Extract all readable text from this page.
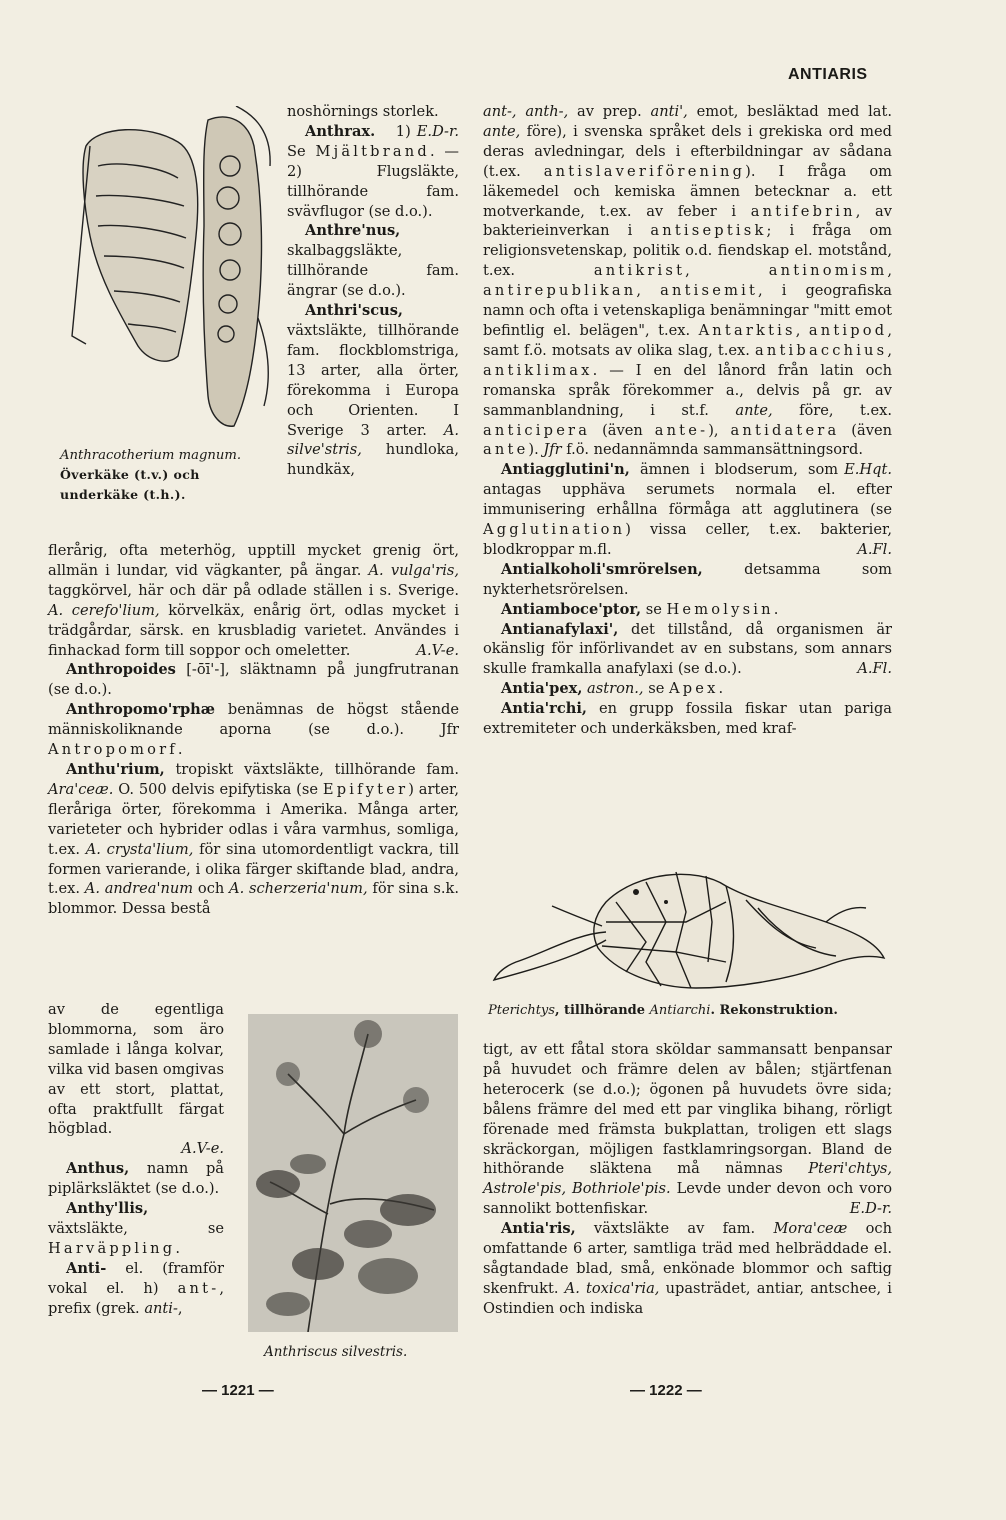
ANTIARIS
Anthracotherium magnum. Överkäke (t.v.) och underkäke (t.h.).

noshörnings storlek.
E.D-r.

Anthrax. 1) Se Mjältbrand. — 2) Flugsläkte, tillhörande fam. svävflugor (se d.o.).

Anthre'nus, skalbaggsläkte, tillhörande fam. ängrar (se d.o.).

Anthri'scus, växtsläkte, tillhörande fam. flockblomstriga, 13 arter, alla örter, förekomma i Europa och Orienten. I Sverige 3 arter. A. silve'stris, hundloka, hundkäx,

flerårig, ofta meterhög, upptill mycket grenig ört, allmän i lundar, vid vägkanter, på ängar. A. vulga'ris, taggkörvel, här och där på odlade ställen i s. Sverige. A. cerefo'lium, körvelkäx, enårig ört, odlas mycket i trädgårdar, särsk. en krusbladig varietet. Användes i finhackad form till soppor och omeletter.	A.V-e.

Anthropoides [-ōī'-], släktnamn på jungfrutranan (se d.o.).

Anthropomo'rphæ benämnas de högst stående människoliknande aporna (se d.o.). Jfr Antropomorf.

Anthu'rium, tropiskt växtsläkte, tillhörande fam. Ara'ceæ. O. 500 delvis epifytiska (se Epifyter) arter, fleråriga örter, förekomma i Amerika. Många arter, varieteter och hybrider odlas i våra varmhus, somliga, t.ex. A. crysta'lium, för sina utomordentligt vackra, till formen varierande, i olika färger skiftande blad, andra, t.ex. A. andrea'num och A. scherzeria'num, för sina s.k. blommor. Dessa bestå

av de egentliga blommorna, som äro samlade i långa kolvar, vilka vid basen omgivas av ett stort, plattat, ofta praktfullt färgat högblad.

A.V-e.

Anthus, namn på piplärksläktet (se d.o.).

Anthy'llis, växtsläkte, se Harväppling.

Anti- el. (framför vokal el. h) ant-, prefix (grek. anti-,

Anthriscus silvestris.
— 1221 —

ant-, anth-, av prep. anti', emot, besläktad med lat. ante, före), i svenska språket dels i grekiska ord med deras avledningar, dels i efterbildningar av sådana (t.ex. antislaveriförening). I fråga om läkemedel och kemiska ämnen betecknar a. ett motverkande, t.ex. av feber i antifebrin, av bakterieinverkan i antiseptisk; i fråga om religionsvetenskap, politik o.d. fiendskap el. motstånd, t.ex. antikrist, antinomism, antirepublikan, antisemit, i geografiska namn och ofta i vetenskapliga benämningar "mitt emot befintlig el. belägen", t.ex. Antarktis, antipod, samt f.ö. motsats av olika slag, t.ex. antibacchius, antiklimax. — I en del lånord från latin och romanska språk förekommer a., delvis på gr. av sammanblandning, i st.f. ante, före, t.ex. anticipera (även ante-), antidatera (även ante). Jfr f.ö. nedannämnda sammansättningsord.
E.Hqt.

Antiagglutini'n, ämnen i blodserum, som antagas upphäva serumets normala el. efter immunisering erhållna förmåga att agglutinera (se Agglutination) vissa celler, t.ex. bakterier, blodkroppar m.fl.	A.Fl.

Antialkoholi'smrörelsen, detsamma som nykterhetsrörelsen.

Antiamboce'ptor, se Hemolysin.

Antianafylaxi', det tillstånd, då organismen är okänslig för införlivandet av en substans, som annars skulle framkalla anafylaxi (se d.o.).	A.Fl.

Antia'pex, astron., se Apex.

Antia'rchi, en grupp fossila fiskar utan pariga extremiteter och underkäksben, med kraf-

Pterichtys, tillhörande Antiarchi. Rekonstruktion.

tigt, av ett fåtal stora sköldar sammansatt benpansar på huvudet och främre delen av bålen; stjärtfenan heterocerk (se d.o.); ögonen på huvudets övre sida; bålens främre del med ett par vinglika bihang, rörligt förenade med främsta bukplattan, troligen ett slags skräckorgan, möjligen fastklamringsorgan. Bland de hithörande släktena må nämnas Pteri'chtys, Astrole'pis, Bothriole'pis. Levde under devon och voro sannolikt bottenfiskar.	E.D-r.

Antia'ris, växtsläkte av fam. Mora'ceæ och omfattande 6 arter, samtliga träd med helbräddade el. sågtandade blad, små, enkönade blommor och saftig skenfrukt. A. toxica'ria, upasträdet, antiar, antschee, i Ostindien och indiska

— 1222 —
